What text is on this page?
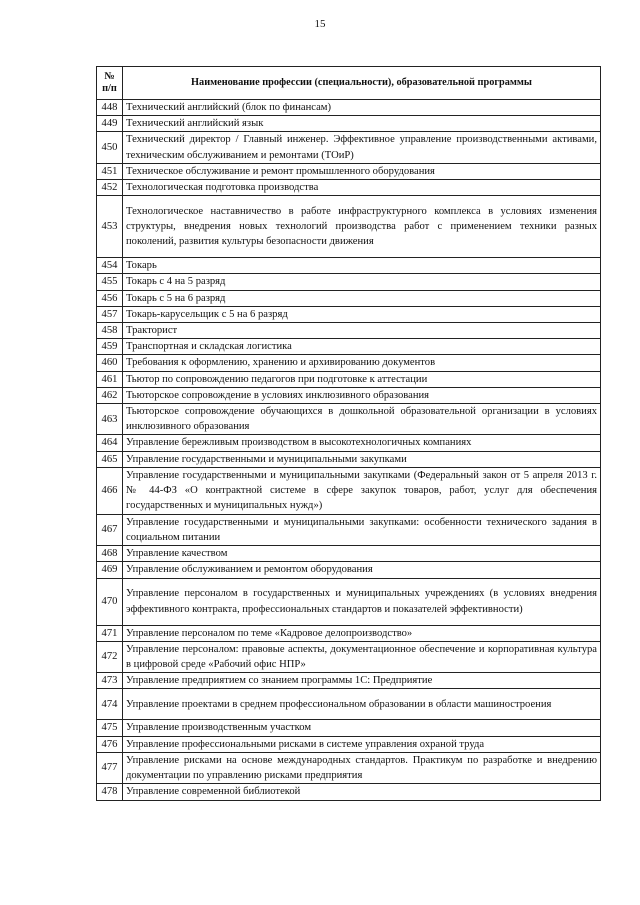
15
№
п/п	Наименование профессии (специальности), образовательной программы
448	Технический английский (блок по финансам)
449	Технический английский язык
450	Технический директор / Главный инженер. Эффективное управление производственными активами, техническим обслуживанием и ремонтами (ТОиР)
451	Техническое обслуживание и ремонт промышленного оборудования
452	Технологическая подготовка производства
453	Технологическое наставничество в работе инфраструктурного комплекса в условиях изменения структуры, внедрения новых технологий производства работ с применением техники разных поколений, развития культуры безопасности движения
454	Токарь
455	Токарь с 4 на 5 разряд
456	Токарь с 5 на 6 разряд
457	Токарь-карусельщик с 5 на 6 разряд
458	Тракторист
459	Транспортная и складская логистика
460	Требования к оформлению, хранению и архивированию документов
461	Тьютор по сопровождению педагогов при подготовке к аттестации
462	Тьюторское сопровождение в условиях инклюзивного образования
463	Тьюторское сопровождение обучающихся в дошкольной образовательной организации в условиях инклюзивного образования
464	Управление бережливым производством в высокотехнологичных компаниях
465	Управление государственными и муниципальными закупками
466	Управление государственными и муниципальными закупками (Федеральный закон от 5 апреля 2013 г. № 44-ФЗ «О контрактной системе в сфере закупок товаров, работ, услуг для обеспечения государственных и муниципальных нужд»)
467	Управление государственными и муниципальными закупками: особенности технического задания в социальном питании
468	Управление качеством
469	Управление обслуживанием и ремонтом оборудования
470	Управление персоналом в государственных и муниципальных учреждениях (в условиях внедрения эффективного контракта, профессиональных стандартов и показателей эффективности)
471	Управление персоналом по теме «Кадровое делопроизводство»
472	Управление персоналом: правовые аспекты, документационное обеспечение и корпоративная культура в цифровой среде «Рабочий офис НПР»
473	Управление предприятием со знанием программы 1С: Предприятие
474	Управление проектами в среднем профессиональном образовании в области машиностроения
475	Управление производственным участком
476	Управление профессиональными рисками в системе управления охраной труда
477	Управление рисками на основе международных стандартов. Практикум по разработке и внедрению документации по управлению рисками предприятия
478	Управление современной библиотекой
